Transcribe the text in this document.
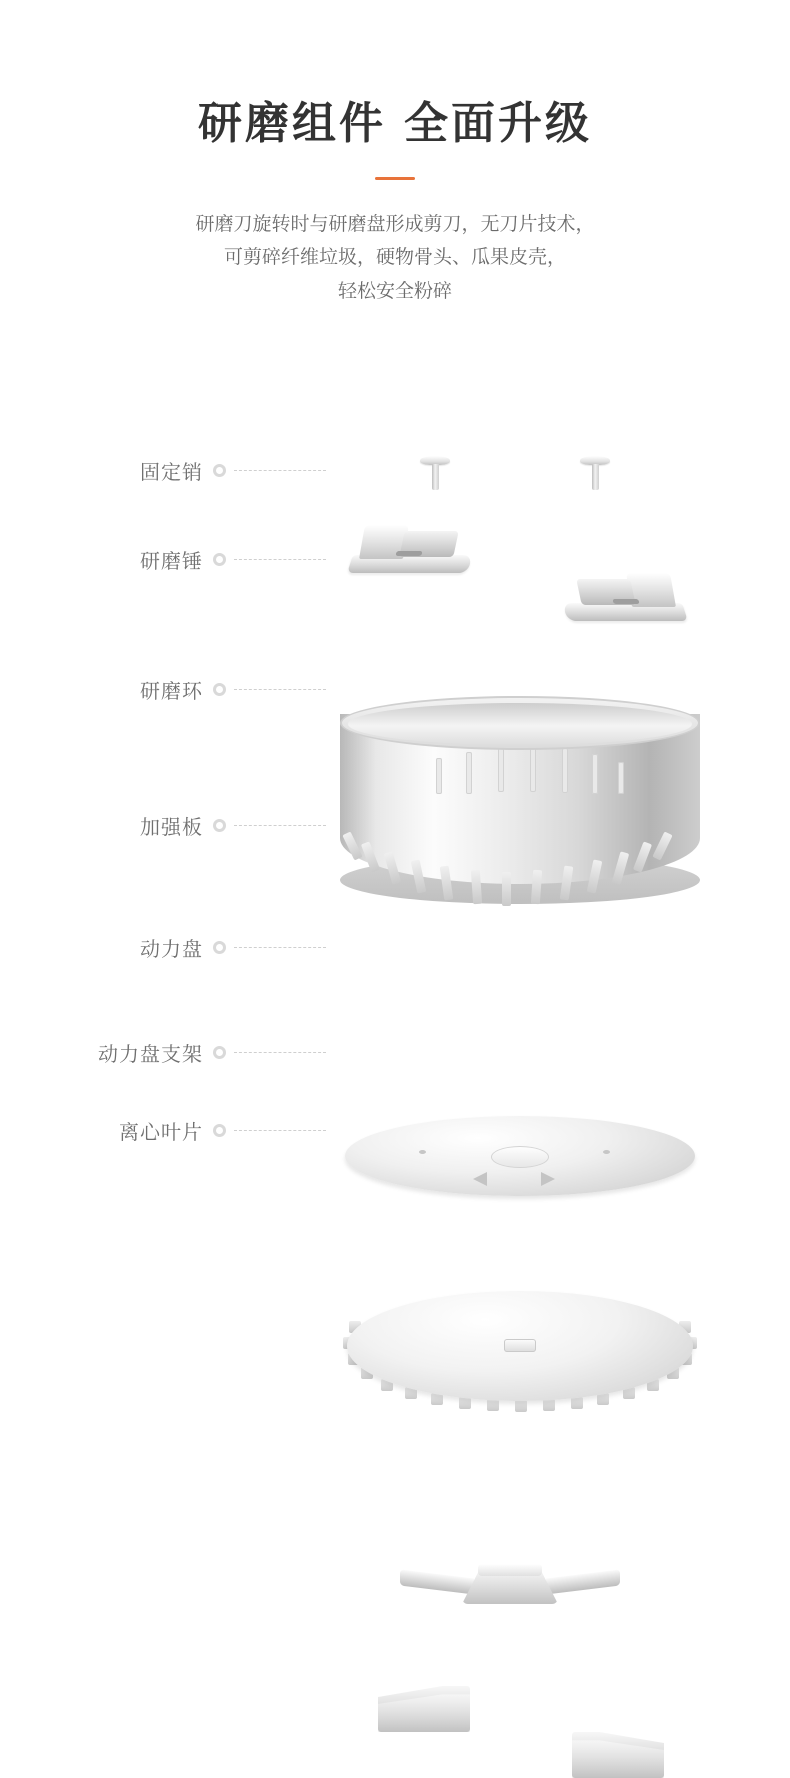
研磨组件 全面升级
研磨刀旋转时与研磨盘形成剪刀，无刀片技术，
可剪碎纤维垃圾，硬物骨头、瓜果皮壳，
轻松安全粉碎
固定销
研磨锤
研磨环
加强板
动力盘
动力盘支架
离心叶片
